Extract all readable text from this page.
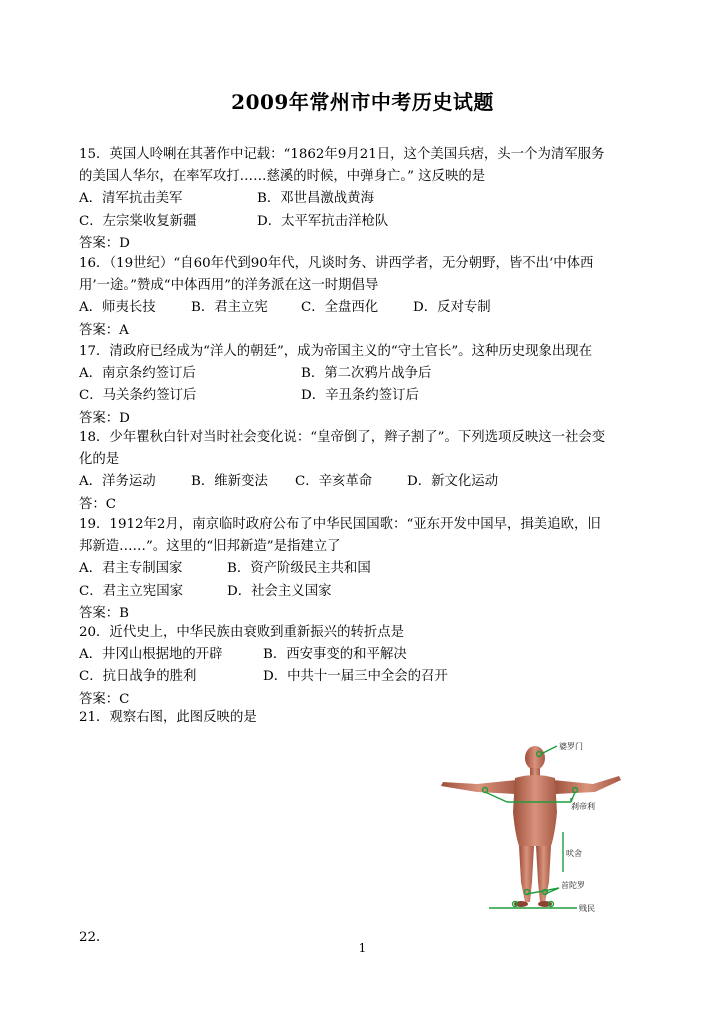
2009年常州市中考历史试题
15．英国人呤唎在其著作中记载：“1862年9月21日，这个美国兵痞，头一个为清军服务
的美国人华尔，在率军攻打……慈溪的时候，中弹身亡。” 这反映的是
A．清军抗击美军	B．邓世昌激战黄海
C．左宗棠收复新疆	D．太平军抗击洋枪队
答案：D
16．（19世纪）“自60年代到90年代，凡谈时务、讲西学者，无分朝野，皆不出‘中体西
用’一途。”赞成“中体西用”的洋务派在这一时期倡导
A．师夷长技	B．君主立宪	C．全盘西化	D．反对专制
答案：A
17．清政府已经成为“洋人的朝廷”，成为帝国主义的“守土官长”。这种历史现象出现在
A．南京条约签订后	B．第二次鸦片战争后
C．马关条约签订后	D．辛丑条约签订后
答案：D
18．少年瞿秋白针对当时社会变化说：“皇帝倒了，辫子割了”。下列选项反映这一社会变
化的是
A．洋务运动	B．维新变法	C．辛亥革命	D．新文化运动
答：C
19．1912年2月，南京临时政府公布了中华民国国歌：“亚东开发中国早，揖美追欧，旧
邦新造……”。这里的“旧邦新造”是指建立了
A．君主专制国家	B．资产阶级民主共和国
C．君主立宪国家	D．社会主义国家
答案：B
20．近代史上，中华民族由衰败到重新振兴的转折点是
A．井冈山根据地的开辟	B．西安事变的和平解决
C．抗日战争的胜利	D．中共十一届三中全会的召开
答案：C
21．观察右图，此图反映的是
婆罗门
刹帝利
吠舍
首陀罗
贱民
22．
1
